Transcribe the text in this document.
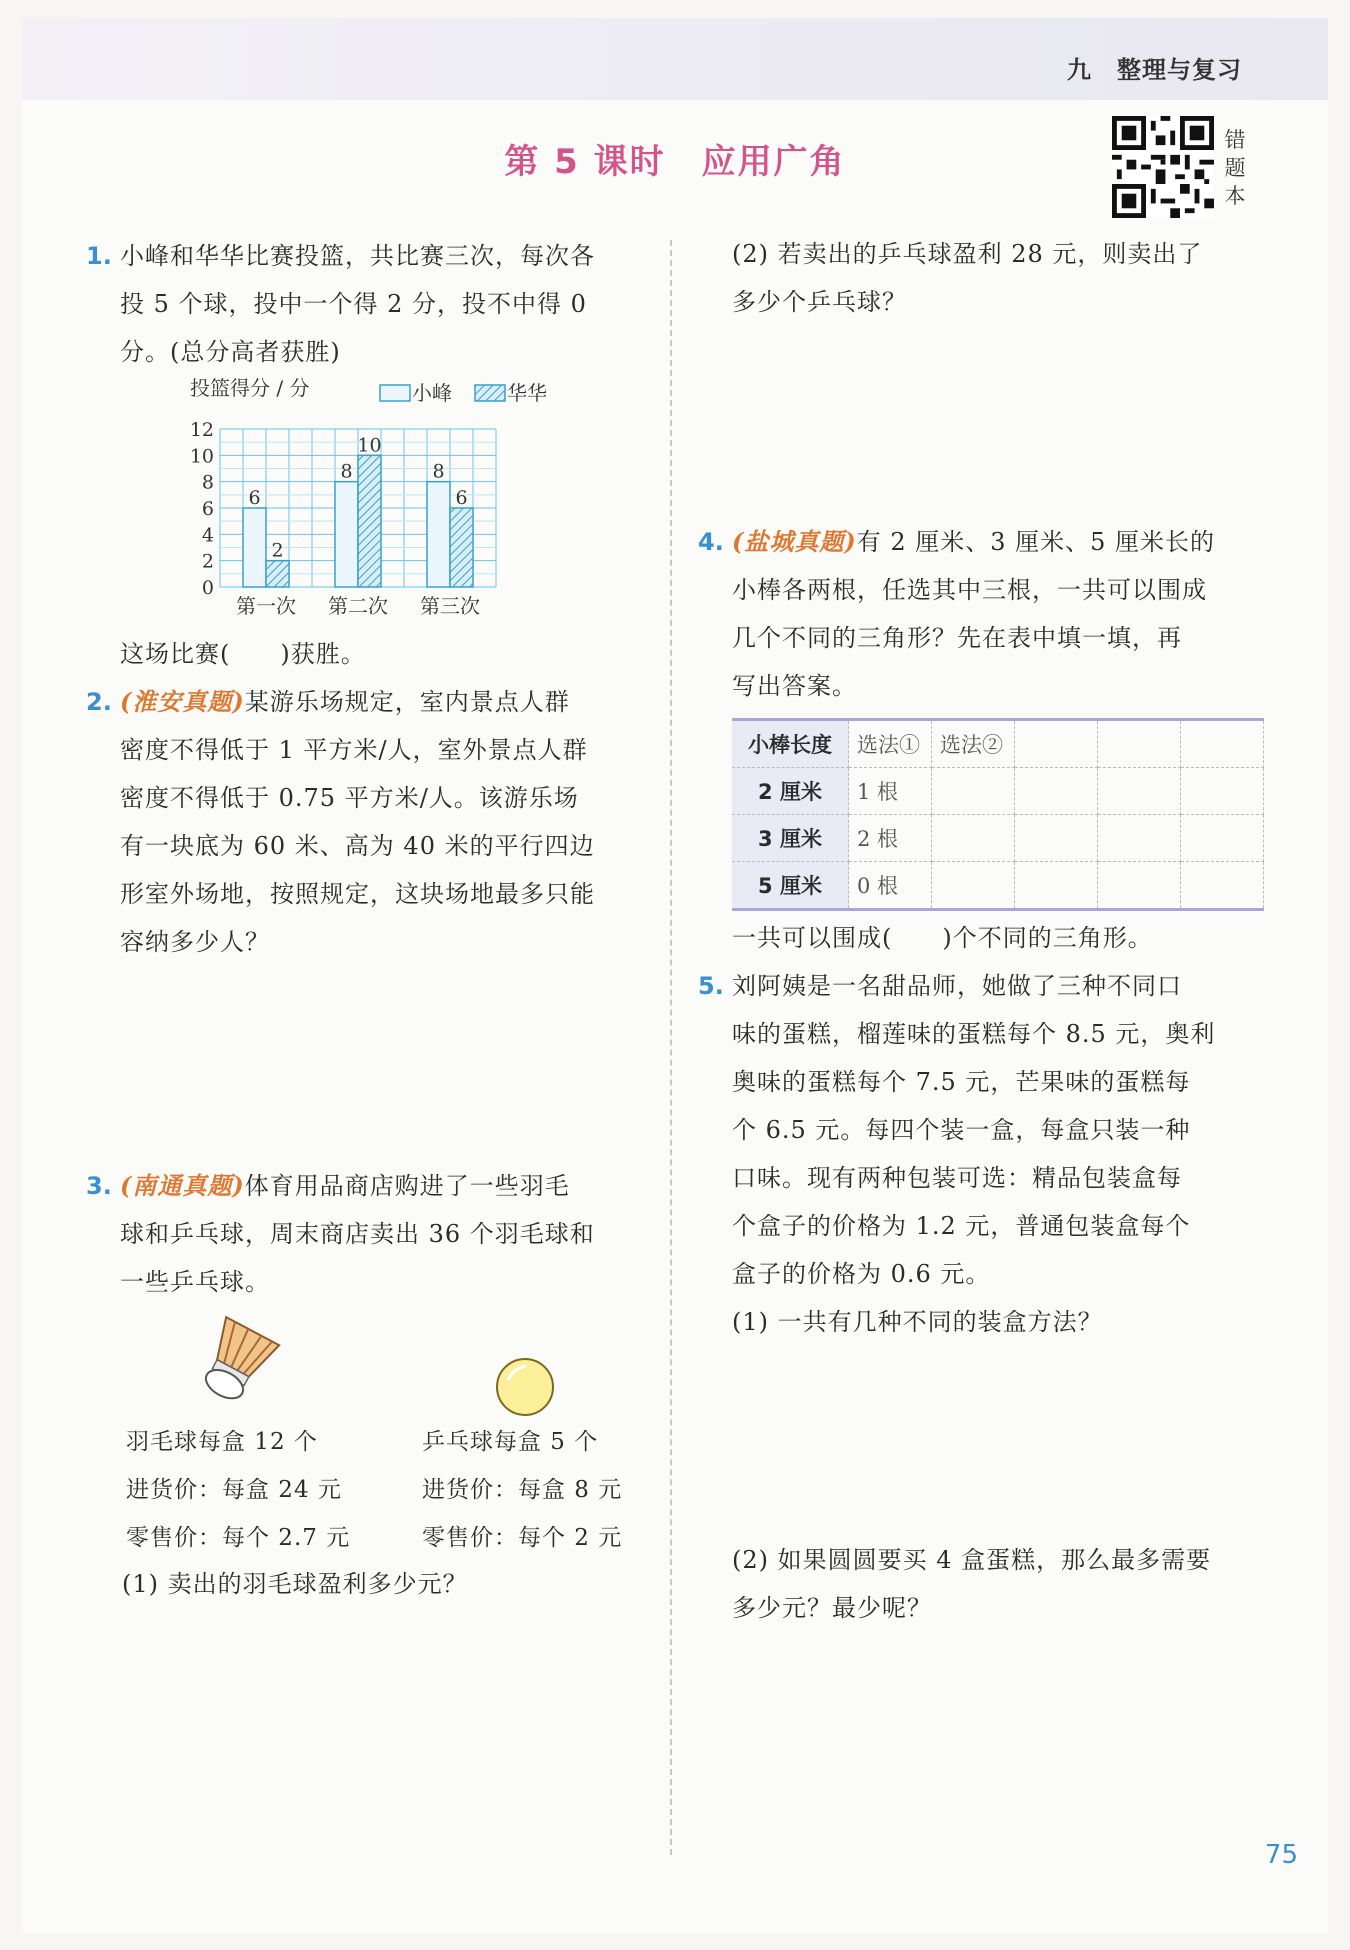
九　整理与复习
第 5 课时　应用广角
错
题
本
1. 小峰和华华比赛投篮，共比赛三次，每次各
投 5 个球，投中一个得 2 分，投不中得 0
分。(总分高者获胜)
投篮得分 / 分	小峰	华华
0
2
4
6
8
10
12
6
2
第一次
8
10
第二次
8
6
第三次
这场比赛(　　)获胜。
2. (淮安真题)某游乐场规定，室内景点人群
密度不得低于 1 平方米/人，室外景点人群
密度不得低于 0.75 平方米/人。该游乐场
有一块底为 60 米、高为 40 米的平行四边
形室外场地，按照规定，这块场地最多只能
容纳多少人？
3. (南通真题)体育用品商店购进了一些羽毛
球和乒乓球，周末商店卖出 36 个羽毛球和
一些乒乓球。
羽毛球每盒 12 个
进货价：每盒 24 元
零售价：每个 2.7 元
乒乓球每盒 5 个
进货价：每盒 8 元
零售价：每个 2 元
(1) 卖出的羽毛球盈利多少元？
(2) 若卖出的乒乓球盈利 28 元，则卖出了
多少个乒乓球？
4. (盐城真题)有 2 厘米、3 厘米、5 厘米长的
小棒各两根，任选其中三根，一共可以围成
几个不同的三角形？先在表中填一填，再
写出答案。
小棒长度	选法①	选法②			
2 厘米	1 根				
3 厘米	2 根				
5 厘米	0 根				
一共可以围成(　　)个不同的三角形。
5. 刘阿姨是一名甜品师，她做了三种不同口
味的蛋糕，榴莲味的蛋糕每个 8.5 元，奥利
奥味的蛋糕每个 7.5 元，芒果味的蛋糕每
个 6.5 元。每四个装一盒，每盒只装一种
口味。现有两种包装可选：精品包装盒每
个盒子的价格为 1.2 元，普通包装盒每个
盒子的价格为 0.6 元。
(1) 一共有几种不同的装盒方法？
(2) 如果圆圆要买 4 盒蛋糕，那么最多需要
多少元？最少呢？
75
